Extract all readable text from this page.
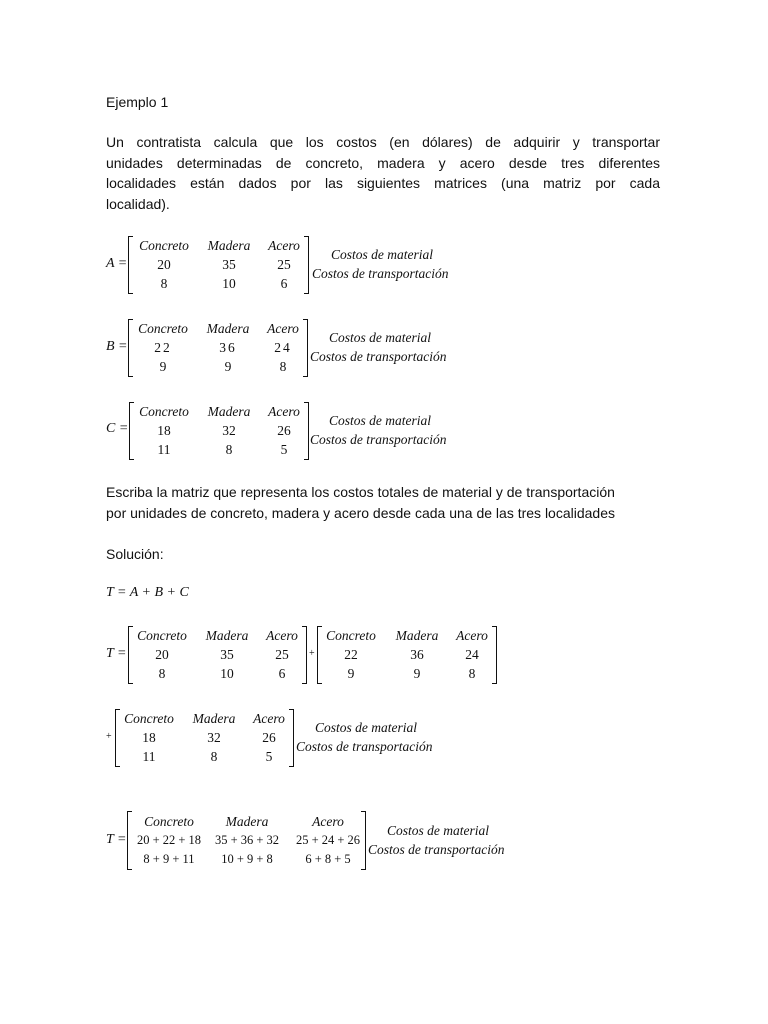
Ejemplo 1
Un contratista calcula que los costos (en dólares) de adquirir y transportar
unidades determinadas de concreto, madera y acero desde tres diferentes
localidades están dados por las siguientes matrices (una matriz por cada
localidad).
A =
Concreto	Madera	Acero
20	35	25
8	10	6
Costos de material
Costos de transportación
B =
Concreto	Madera	Acero
22	36	24
9	9	8
Costos de material
Costos de transportación
C =
Concreto	Madera	Acero
18	32	26
11	8	5
Costos de material
Costos de transportación
Escriba la matriz que representa los costos totales de material y de transportación
por unidades de concreto, madera y acero desde cada una de las tres localidades
Solución:
T = A + B + C
T =
Concreto	Madera	Acero
20	35	25
8	10	6
+
Concreto	Madera	Acero
22	36	24
9	9	8
+
Concreto	Madera	Acero
18	32	26
11	8	5
Costos de material
Costos de transportación
T =
Concreto	Madera	Acero
20 + 22 + 18	35 + 36 + 32	25 + 24 + 26
8 + 9 + 11	10 + 9 + 8	6 + 8 + 5
Costos de material
Costos de transportación
